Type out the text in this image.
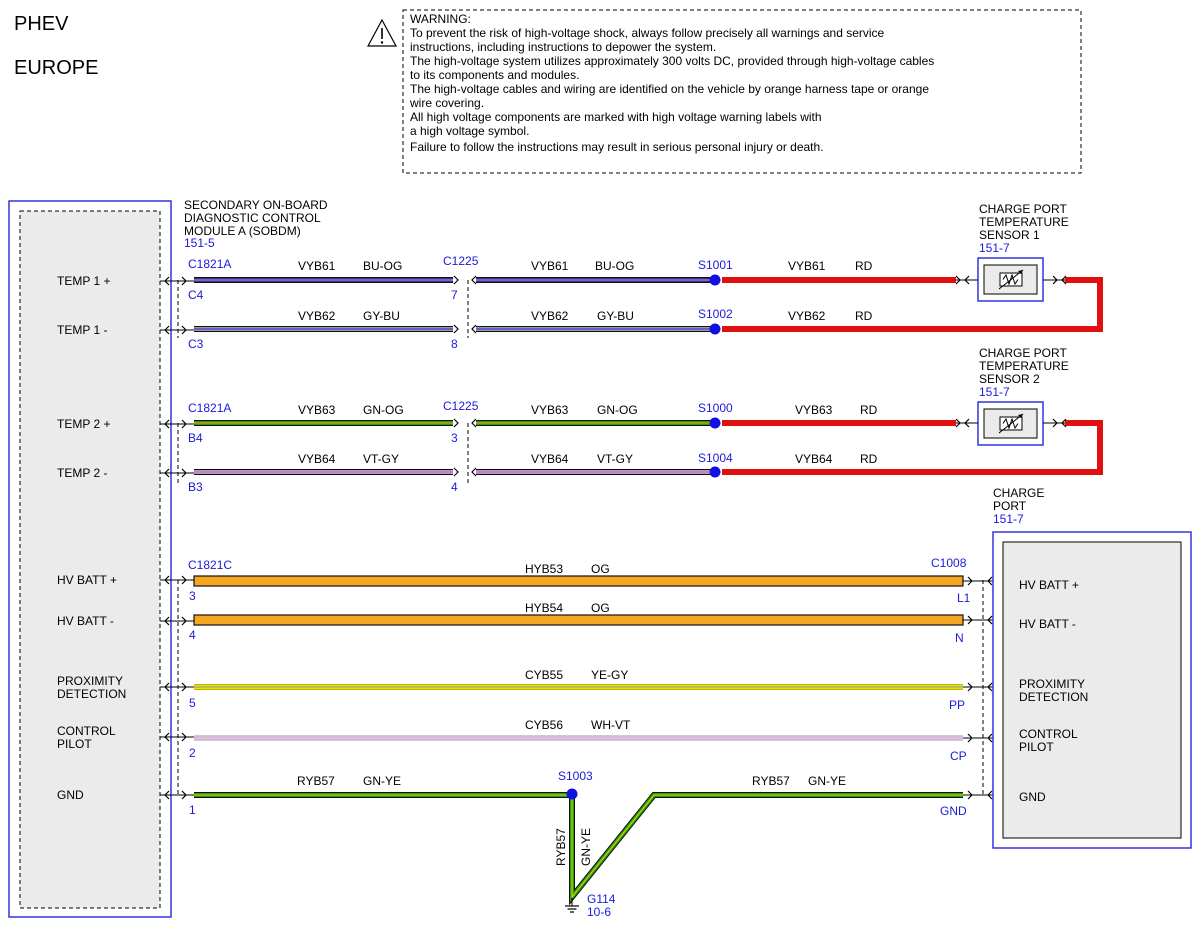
PHEV
EUROPE
WARNING:
To prevent the risk of high-voltage shock, always follow precisely all warnings and service
instructions, including instructions to depower the system.
The high-voltage system utilizes approximately 300 volts DC, provided through high-voltage cables
to its components and modules.
The high-voltage cables and wiring are identified on the vehicle by orange harness tape or orange
wire covering.
All high voltage components are marked with high voltage warning labels with
a high voltage symbol.
Failure to follow the instructions may result in serious personal injury or death.
SECONDARY ON-BOARD
DIAGNOSTIC CONTROL
MODULE A (SOBDM)
151-5
TEMP 1 +
TEMP 1 -
TEMP 2 +
TEMP 2 -
HV BATT +
HV BATT -
PROXIMITY
DETECTION
CONTROL
PILOT
GND
CHARGE PORT
TEMPERATURE
SENSOR 1
151-7
CHARGE PORT
TEMPERATURE
SENSOR 2
151-7
CHARGE
PORT
151-7
HV BATT +
HV BATT -
PROXIMITY
DETECTION
CONTROL
PILOT
GND
C1821A
C1821A
C1821C
C1225
C1225
C1008
C4
C3
B4
B3
3
4
5
2
1
7
8
3
4
L1
N
PP
CP
GND
S1001
S1002
S1000
S1004
S1003
VYB61 BU-OG	VYB61 BU-OG	VYB61 RD
VYB62 GY-BU	VYB62 GY-BU	VYB62 RD
VYB63 GN-OG	VYB63 GN-OG	VYB63 RD
VYB64 VT-GY	VYB64 VT-GY	VYB64 RD
HYB53 OG
HYB54 OG
CYB55 YE-GY
CYB56 WH-VT
RYB57 GN-YE	RYB57 GN-YE
RYB57 GN-YE
G114
10-6
